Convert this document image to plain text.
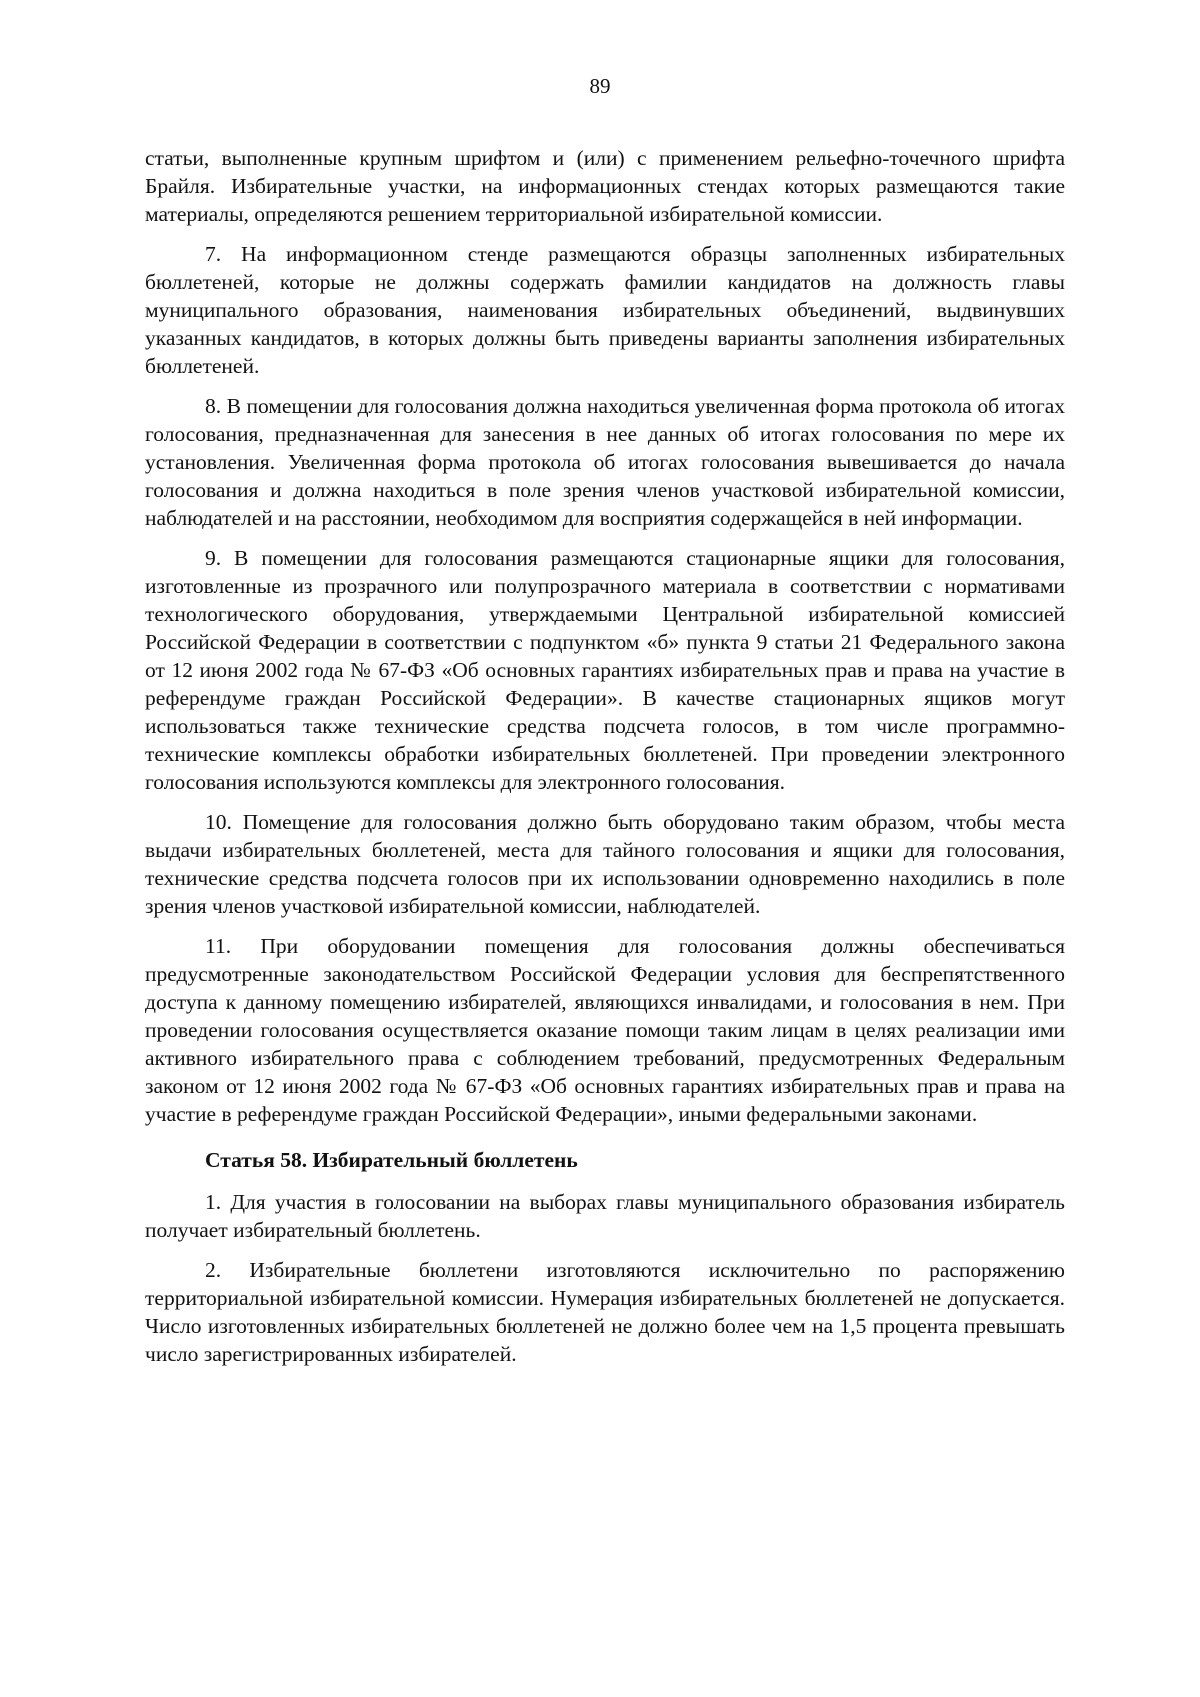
89

статьи, выполненные крупным шрифтом и (или) с применением рельефно-точечного шрифта Брайля. Избирательные участки, на информационных стендах которых размещаются такие материалы, определяются решением территориальной избирательной комиссии.

7. На информационном стенде размещаются образцы заполненных избирательных бюллетеней, которые не должны содержать фамилии кандидатов на должность главы муниципального образования, наименования избирательных объединений, выдвинувших указанных кандидатов, в которых должны быть приведены варианты заполнения избирательных бюллетеней.

8. В помещении для голосования должна находиться увеличенная форма протокола об итогах голосования, предназначенная для занесения в нее данных об итогах голосования по мере их установления. Увеличенная форма протокола об итогах голосования вывешивается до начала голосования и должна находиться в поле зрения членов участковой избирательной комиссии, наблюдателей и на расстоянии, необходимом для восприятия содержащейся в ней информации.

9. В помещении для голосования размещаются стационарные ящики для голосования, изготовленные из прозрачного или полупрозрачного материала в соответствии с нормативами технологического оборудования, утверждаемыми Центральной избирательной комиссией Российской Федерации в соответствии с подпунктом «б» пункта 9 статьи 21 Федерального закона от 12 июня 2002 года № 67-ФЗ «Об основных гарантиях избирательных прав и права на участие в референдуме граждан Российской Федерации». В качестве стационарных ящиков могут использоваться также технические средства подсчета голосов, в том числе программно-технические комплексы обработки избирательных бюллетеней. При проведении электронного голосования используются комплексы для электронного голосования.

10. Помещение для голосования должно быть оборудовано таким образом, чтобы места выдачи избирательных бюллетеней, места для тайного голосования и ящики для голосования, технические средства подсчета голосов при их использовании одновременно находились в поле зрения членов участковой избирательной комиссии, наблюдателей.

11. При оборудовании помещения для голосования должны обеспечиваться предусмотренные законодательством Российской Федерации условия для беспрепятственного доступа к данному помещению избирателей, являющихся инвалидами, и голосования в нем. При проведении голосования осуществляется оказание помощи таким лицам в целях реализации ими активного избирательного права с соблюдением требований, предусмотренных Федеральным законом от 12 июня 2002 года № 67-ФЗ «Об основных гарантиях избирательных прав и права на участие в референдуме граждан Российской Федерации», иными федеральными законами.

Статья 58. Избирательный бюллетень

1. Для участия в голосовании на выборах главы муниципального образования избиратель получает избирательный бюллетень.

2. Избирательные бюллетени изготовляются исключительно по распоряжению территориальной избирательной комиссии. Нумерация избирательных бюллетеней не допускается. Число изготовленных избирательных бюллетеней не должно более чем на 1,5 процента превышать число зарегистрированных избирателей.
